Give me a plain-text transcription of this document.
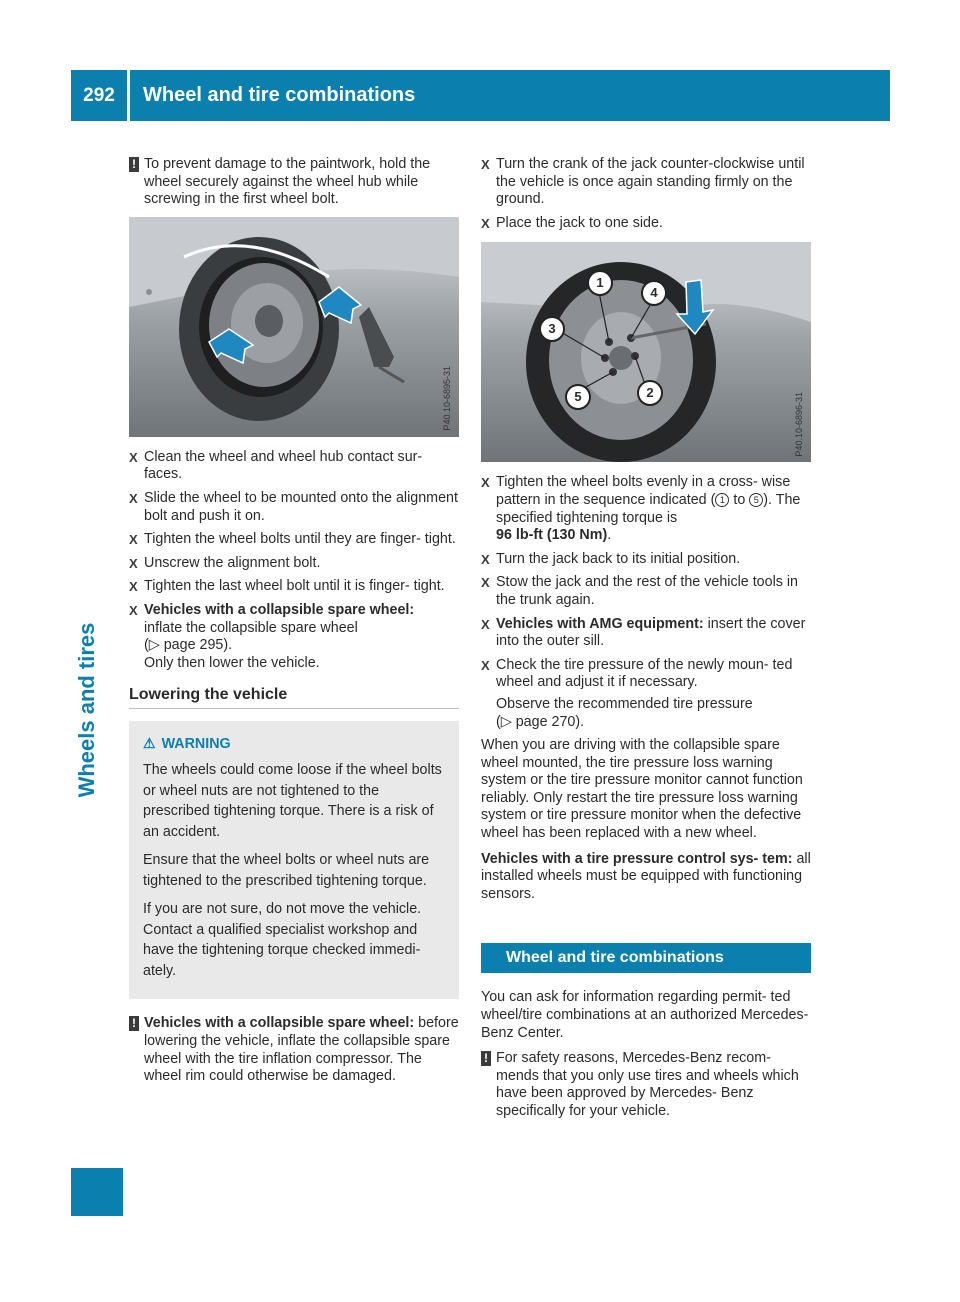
292	Wheel and tire combinations
Wheels and tires
! To prevent damage to the paintwork, hold the wheel securely against the wheel hub while screwing in the first wheel bolt.
P40.10-6895-31
X Clean the wheel and wheel hub contact sur- faces.
X Slide the wheel to be mounted onto the alignment bolt and push it on.
X Tighten the wheel bolts until they are finger- tight.
X Unscrew the alignment bolt.
X Tighten the last wheel bolt until it is finger- tight.
X Vehicles with a collapsible spare wheel:
inflate the collapsible spare wheel
(▷ page 295).
Only then lower the vehicle.
Lowering the vehicle
⚠ WARNING

The wheels could come loose if the wheel bolts or wheel nuts are not tightened to the prescribed tightening torque. There is a risk of an accident.

Ensure that the wheel bolts or wheel nuts are tightened to the prescribed tightening torque.

If you are not sure, do not move the vehicle. Contact a qualified specialist workshop and have the tightening torque checked immedi- ately.

! Vehicles with a collapsible spare wheel: before lowering the vehicle, inflate the collapsible spare wheel with the tire inflation compressor. The wheel rim could otherwise be damaged.
X Turn the crank of the jack counter-clockwise until the vehicle is once again standing firmly on the ground.
X Place the jack to one side.
1
4
3
5	2	P40.10-6896-31
X Tighten the wheel bolts evenly in a cross- wise pattern in the sequence indicated ( 1 to 5 ). The specified tightening torque is
96 lb-ft (130 Nm).
X Turn the jack back to its initial position.
X Stow the jack and the rest of the vehicle tools in the trunk again.
X Vehicles with AMG equipment: insert the cover into the outer sill.
X Check the tire pressure of the newly moun- ted wheel and adjust it if necessary.
Observe the recommended tire pressure
(▷ page 270).

When you are driving with the collapsible spare wheel mounted, the tire pressure loss warning system or the tire pressure monitor cannot function reliably. Only restart the tire pressure loss warning system or tire pressure monitor when the defective wheel has been replaced with a new wheel.

Vehicles with a tire pressure control sys- tem: all installed wheels must be equipped with functioning sensors.

Wheel and tire combinations

You can ask for information regarding permit- ted wheel/tire combinations at an authorized Mercedes-Benz Center.

! For safety reasons, Mercedes-Benz recom- mends that you only use tires and wheels which have been approved by Mercedes- Benz specifically for your vehicle.
